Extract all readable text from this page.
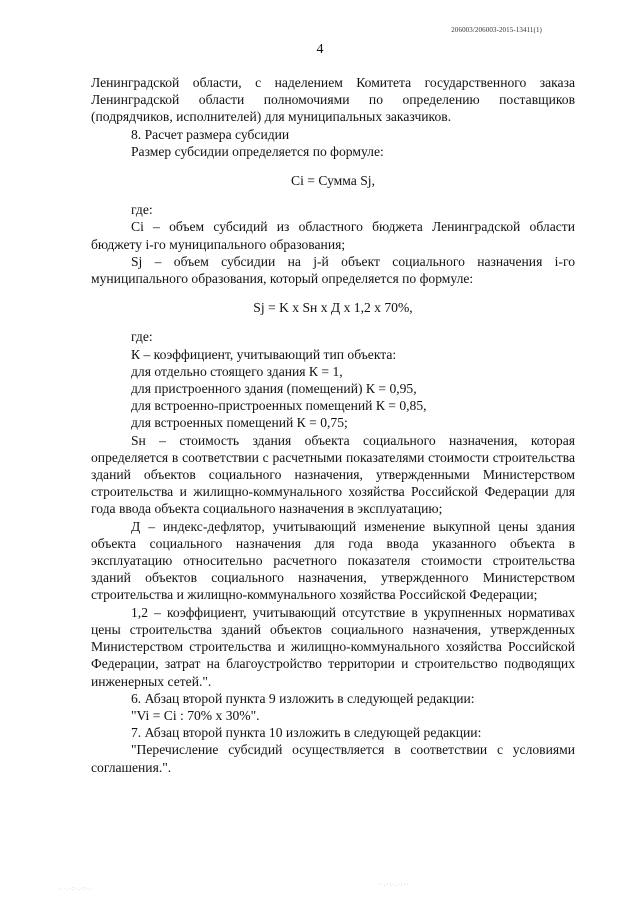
206003/206003-2015-13411(1)
4

Ленинградской области, с наделением Комитета государственного заказа Ленинградской области полномочиями по определению поставщиков (подрядчиков, исполнителей) для муниципальных заказчиков.

8. Расчет размера субсидии

Размер субсидии определяется по формуле:

Ci = Сумма Sj,

где:

Ci – объем субсидий из областного бюджета Ленинградской области бюджету i-го муниципального образования;

Sj – объем субсидии на j-й объект социального назначения i-го муниципального образования, который определяется по формуле:

Sj = K x Sн x Д x 1,2 x 70%,

где:

К – коэффициент, учитывающий тип объекта:

для отдельно стоящего здания К = 1,

для пристроенного здания (помещений) К = 0,95,

для встроенно-пристроенных помещений К = 0,85,

для встроенных помещений К = 0,75;

Sн – стоимость здания объекта социального назначения, которая определяется в соответствии с расчетными показателями стоимости строительства зданий объектов социального назначения, утвержденными Министерством строительства и жилищно-коммунального хозяйства Российской Федерации для года ввода объекта социального назначения в эксплуатацию;

Д – индекс-дефлятор, учитывающий изменение выкупной цены здания объекта социального назначения для года ввода указанного объекта в эксплуатацию относительно расчетного показателя стоимости строительства зданий объектов социального назначения, утвержденного Министерством строительства и жилищно-коммунального хозяйства Российской Федерации;

1,2 – коэффициент, учитывающий отсутствие в укрупненных нормативах цены строительства зданий объектов социального назначения, утвержденных Министерством строительства и жилищно-коммунального хозяйства Российской Федерации, затрат на благоустройство территории и строительство подводящих инженерных сетей.".

6. Абзац второй пункта 9 изложить в следующей редакции:

"Vi = Ci : 70% x 30%".

7. Абзац второй пункта 10 изложить в следующей редакции:

"Перечисление субсидий осуществляется в соответствии с условиями соглашения.".

·.·.·:·.·:·.·
··.·:·.·:··
